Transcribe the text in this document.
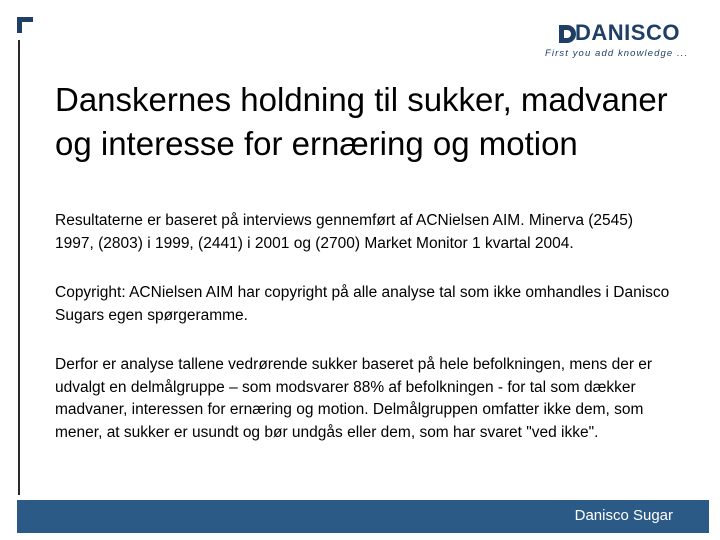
DANISCO
First you add knowledge ...
Danskernes holdning til sukker, madvaner og interesse for ernæring og motion

Resultaterne er baseret på interviews gennemført af ACNielsen AIM. Minerva (2545) 1997, (2803) i 1999, (2441) i 2001 og (2700) Market Monitor 1 kvartal 2004.

Copyright: ACNielsen AIM har copyright på alle analyse tal som ikke omhandles i Danisco Sugars egen spørgeramme.

Derfor er analyse tallene vedrørende sukker baseret på hele befolkningen, mens der er udvalgt en delmålgruppe – som modsvarer 88% af befolkningen - for tal som dækker madvaner, interessen for ernæring og motion. Delmålgruppen omfatter ikke dem, som mener, at sukker er usundt og bør undgås eller dem, som har svaret "ved ikke".

Danisco Sugar
